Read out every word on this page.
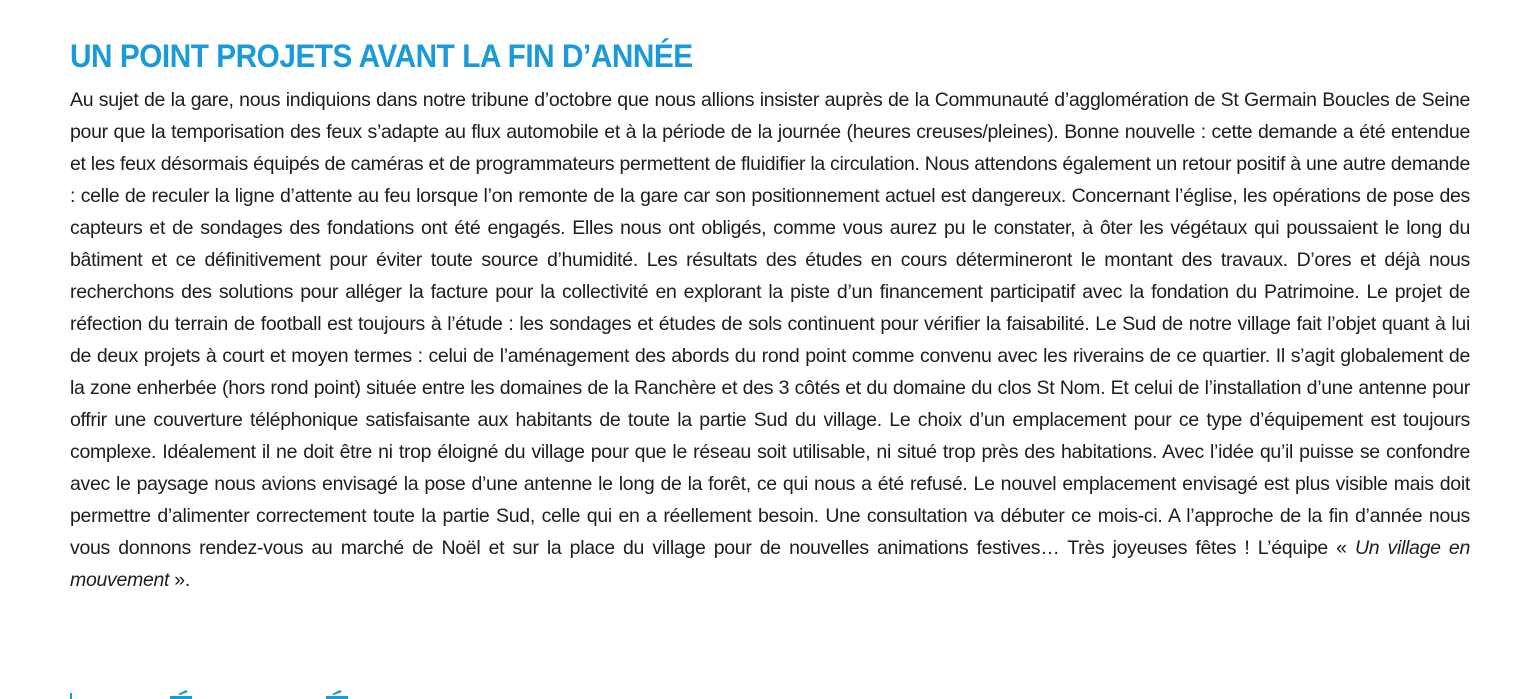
UN POINT PROJETS AVANT LA FIN D’ANNÉE

Au sujet de la gare, nous indiquions dans notre tribune d’octobre que nous allions insister auprès de la Communauté d’agglomération de St Germain Boucles de Seine pour que la temporisation des feux s’adapte au flux automobile et à la période de la journée (heures creuses/pleines). Bonne nouvelle : cette demande a été entendue et les feux désormais équipés de caméras et de programmateurs permettent de fluidifier la circulation. Nous attendons également un retour positif à une autre demande : celle de reculer la ligne d’attente au feu lorsque l’on remonte de la gare car son positionnement actuel est dangereux. Concernant l’église, les opérations de pose des capteurs et de sondages des fondations ont été engagés. Elles nous ont obligés, comme vous aurez pu le constater, à ôter les végétaux qui poussaient le long du bâtiment et ce définitivement pour éviter toute source d’humidité. Les résultats des études en cours détermineront le montant des travaux. D’ores et déjà nous recherchons des solutions pour alléger la facture pour la collectivité en explorant la piste d’un financement participatif avec la fondation du Patrimoine. Le projet de réfection du terrain de football est toujours à l’étude : les sondages et études de sols continuent pour vérifier la faisabilité. Le Sud de notre village fait l’objet quant à lui de deux projets à court et moyen termes : celui de l’aménagement des abords du rond point comme convenu avec les riverains de ce quartier. Il s’agit globalement de la zone enherbée (hors rond point) située entre les domaines de la Ranchère et des 3 côtés et du domaine du clos St Nom. Et celui de l’installation d’une antenne pour offrir une couverture téléphonique satisfaisante aux habitants de toute la partie Sud du village. Le choix d’un emplacement pour ce type d’équipement est toujours complexe. Idéalement il ne doit être ni trop éloigné du village pour que le réseau soit utilisable, ni situé trop près des habitations. Avec l’idée qu’il puisse se confondre avec le paysage nous avions envisagé la pose d’une antenne le long de la forêt, ce qui nous a été refusé. Le nouvel emplacement envisagé est plus visible mais doit permettre d’alimenter correctement toute la partie Sud, celle qui en a réellement besoin. Une consultation va débuter ce mois-ci. A l’approche de la fin d’année nous vous donnons rendez-vous au marché de Noël et sur la place du village pour de nouvelles animations festives… Très joyeuses fêtes ! L’équipe « Un village en mouvement ».
